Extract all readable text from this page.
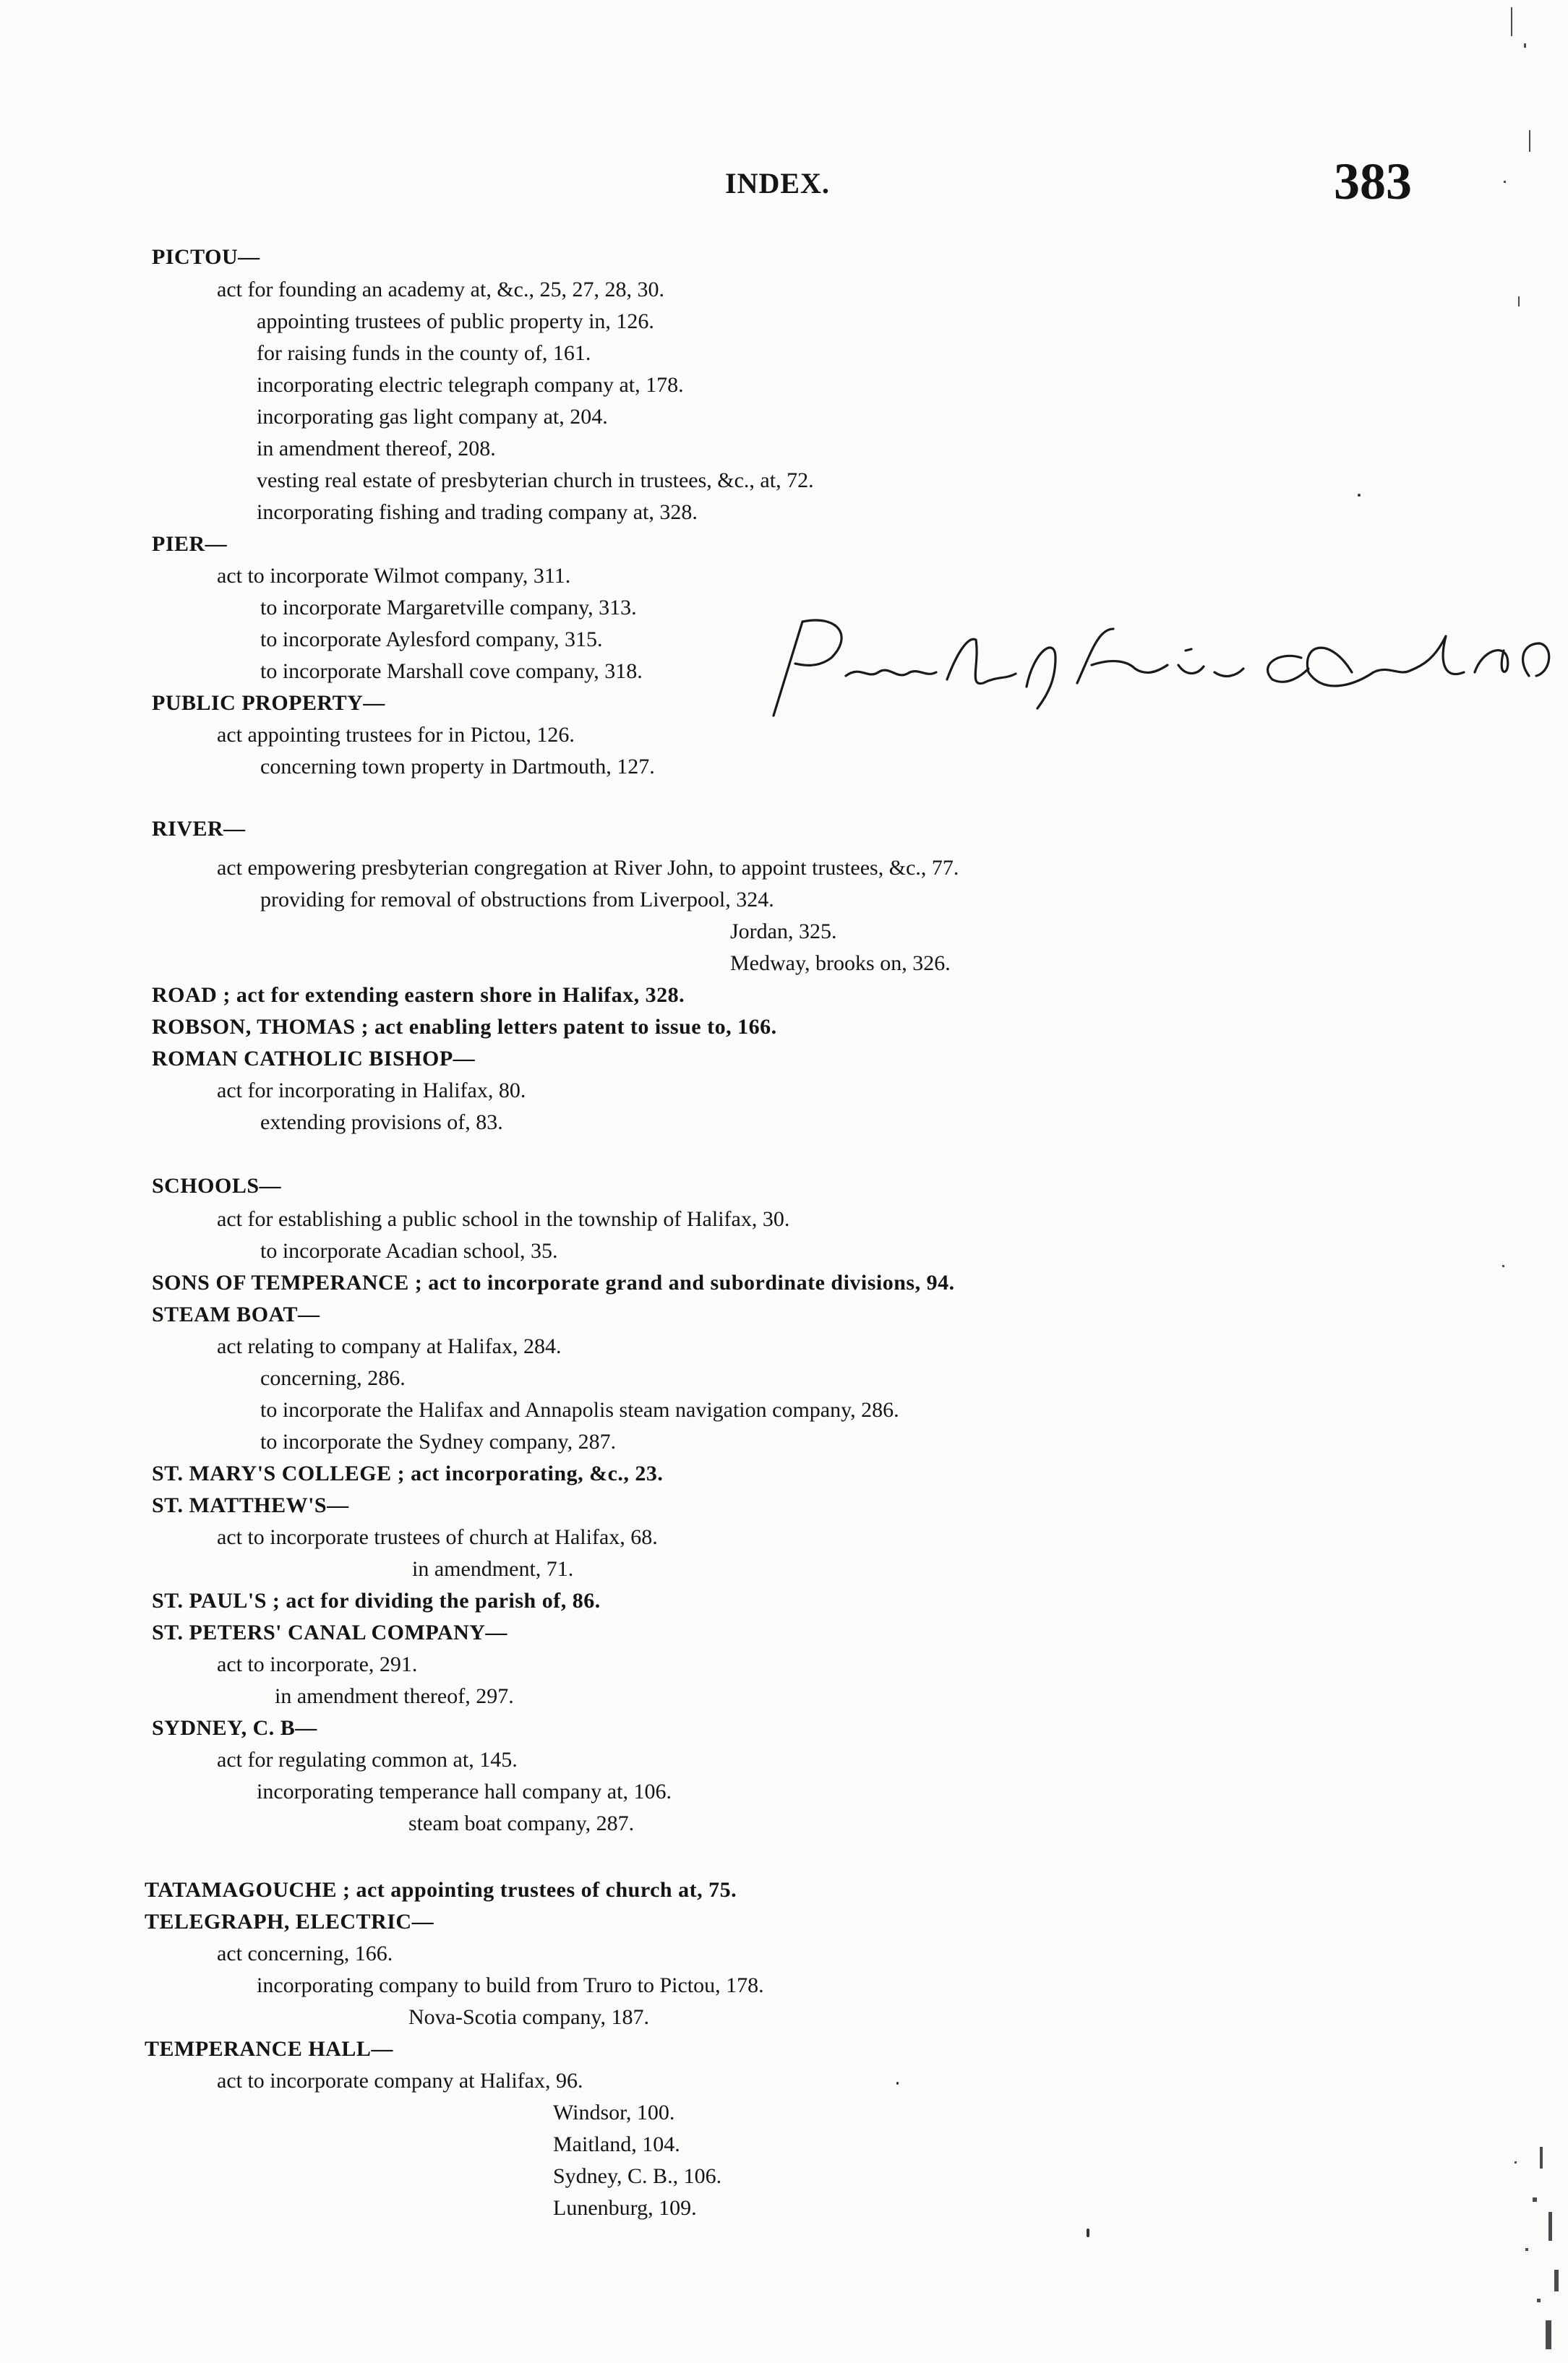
INDEX.	383
PICTOU—
act for founding an academy at, &c., 25, 27, 28, 30.
appointing trustees of public property in, 126.
for raising funds in the county of, 161.
incorporating electric telegraph company at, 178.
incorporating gas light company at, 204.
in amendment thereof, 208.
vesting real estate of presbyterian church in trustees, &c., at, 72.
incorporating fishing and trading company at, 328.
PIER—
act to incorporate Wilmot company, 311.
to incorporate Margaretville company, 313.
to incorporate Aylesford company, 315.
to incorporate Marshall cove company, 318.
PUBLIC PROPERTY—
act appointing trustees for in Pictou, 126.
concerning town property in Dartmouth, 127.
RIVER—
act empowering presbyterian congregation at River John, to appoint trustees, &c., 77.
providing for removal of obstructions from Liverpool, 324.
Jordan, 325.
Medway, brooks on, 326.
ROAD ; act for extending eastern shore in Halifax, 328.
ROBSON, THOMAS ; act enabling letters patent to issue to, 166.
ROMAN CATHOLIC BISHOP—
act for incorporating in Halifax, 80.
extending provisions of, 83.
SCHOOLS—
act for establishing a public school in the township of Halifax, 30.
to incorporate Acadian school, 35.
SONS OF TEMPERANCE ; act to incorporate grand and subordinate divisions, 94.
STEAM BOAT—
act relating to company at Halifax, 284.
concerning, 286.
to incorporate the Halifax and Annapolis steam navigation company, 286.
to incorporate the Sydney company, 287.
ST. MARY'S COLLEGE ; act incorporating, &c., 23.
ST. MATTHEW'S—
act to incorporate trustees of church at Halifax, 68.
in amendment, 71.
ST. PAUL'S ; act for dividing the parish of, 86.
ST. PETERS' CANAL COMPANY—
act to incorporate, 291.
in amendment thereof, 297.
SYDNEY, C. B—
act for regulating common at, 145.
incorporating temperance hall company at, 106.
steam boat company, 287.
TATAMAGOUCHE ; act appointing trustees of church at, 75.
TELEGRAPH, ELECTRIC—
act concerning, 166.
incorporating company to build from Truro to Pictou, 178.
Nova-Scotia company, 187.
TEMPERANCE HALL—
act to incorporate company at Halifax, 96.
Windsor, 100.
Maitland, 104.
Sydney, C. B., 106.
Lunenburg, 109.
